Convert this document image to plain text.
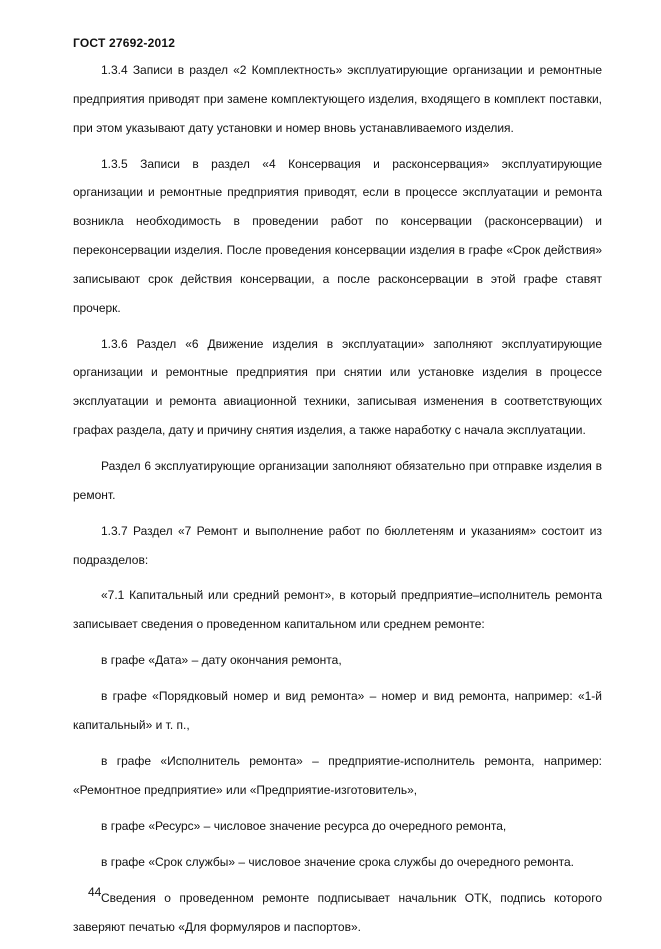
ГОСТ 27692-2012

1.3.4 Записи в раздел «2 Комплектность» эксплуатирующие организации и ремонтные предприятия приводят при замене комплектующего изделия, входящего в комплект поставки, при этом указывают дату установки и номер вновь устанавливаемого изделия.

1.3.5 Записи в раздел «4 Консервация и расконсервация» эксплуатирующие организации и ремонтные предприятия приводят, если в процессе эксплуатации и ремонта возникла необходимость в проведении работ по консервации (расконсервации) и переконсервации изделия. После проведения консервации изделия в графе «Срок действия» записывают срок действия консервации, а после расконсервации в этой графе ставят прочерк.

1.3.6 Раздел «6 Движение изделия в эксплуатации» заполняют эксплуатирующие организации и ремонтные предприятия при снятии или установке изделия в процессе эксплуатации и ремонта авиационной техники, записывая изменения в соответствующих графах раздела, дату и причину снятия изделия, а также наработку с начала эксплуатации.

Раздел 6 эксплуатирующие организации заполняют обязательно при отправке изделия в ремонт.

1.3.7 Раздел «7 Ремонт и выполнение работ по бюллетеням и указаниям» состоит из подразделов:

«7.1 Капитальный или средний ремонт», в который предприятие–исполнитель ремонта записывает сведения о проведенном капитальном или среднем ремонте:

в графе «Дата» – дату окончания ремонта,

в графе «Порядковый номер и вид ремонта» – номер и вид ремонта, например: «1-й капитальный» и т. п.,

в графе «Исполнитель ремонта» – предприятие-исполнитель ремонта, например: «Ремонтное предприятие» или «Предприятие-изготовитель»,

в графе «Ресурс» – числовое значение ресурса до очередного ремонта,

в графе «Срок службы» – числовое значение срока службы до очередного ремонта.

Сведения о проведенном ремонте подписывает начальник ОТК, подпись которого заверяют печатью «Для формуляров и паспортов».

44
